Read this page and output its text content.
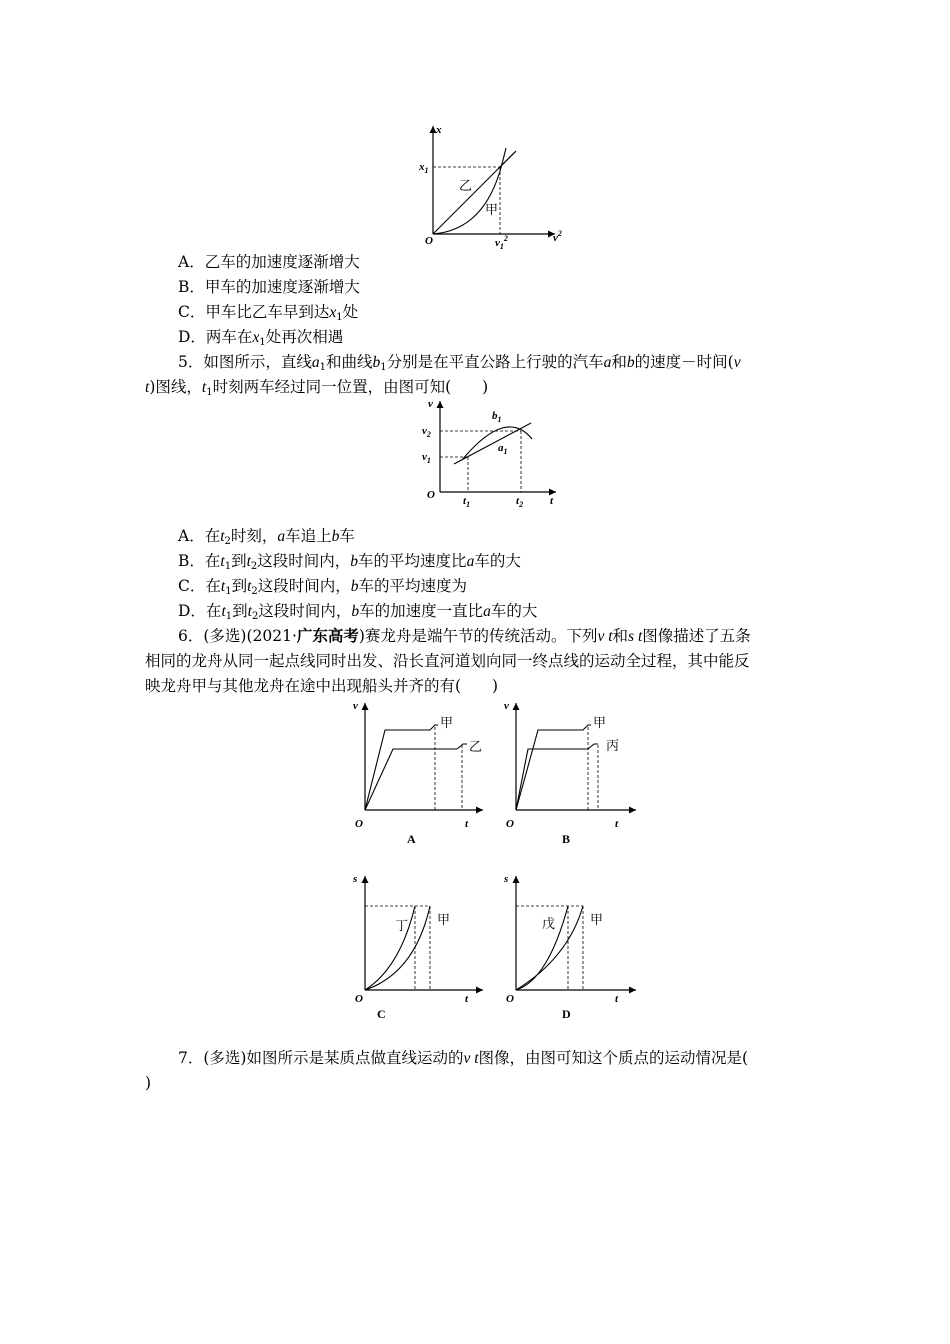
x
$v^2$
O
$x_1$
$v_1^2$
乙
甲
A．乙车的加速度逐渐增大
B．甲车的加速度逐渐增大
C．甲车比乙车早到达$x_1$处
D．两车在$x_1$处再次相遇
5．如图所示，直线$a_1$和曲线$b_1$分别是在平直公路上行驶的汽车a和b的速度－时间(v
t)图线，$t_1$时刻两车经过同一位置，由图可知(　　)
v
t
O
$v_1$
$v_2$
$t_1$	$t_2$
$b_1$
$a_1$
A．在$t_2$时刻，a车追上b车
B．在$t_1$到$t_2$这段时间内，b车的平均速度比a车的大
C．在$t_1$到$t_2$这段时间内，b车的平均速度为
D．在$t_1$到$t_2$这段时间内，b车的加速度一直比a车的大
6．(多选)(2021·广东高考)赛龙舟是端午节的传统活动。下列v t和s t图像描述了五条
相同的龙舟从同一起点线同时出发、沿长直河道划向同一终点线的运动全过程，其中能反
映龙舟甲与其他龙舟在途中出现船头并齐的有(　　)
v
t
O
甲
乙
A
v
t
O
甲
丙
B
s
t
O
丁 甲
C
s
t
O
戊	甲
D
7．(多选)如图所示是某质点做直线运动的v t图像，由图可知这个质点的运动情况是(
)
